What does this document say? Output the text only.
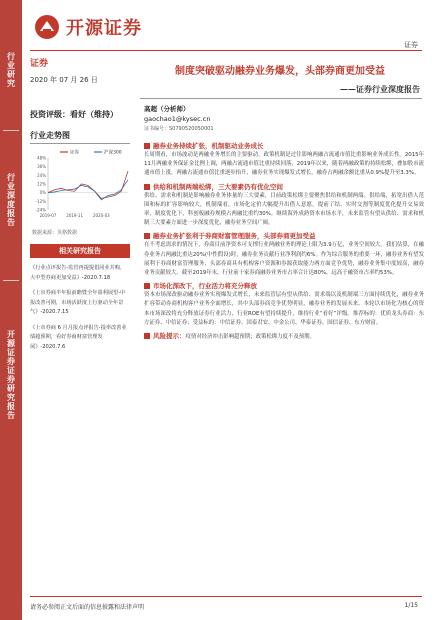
行业研究
行业深度报告
开源证券证券研究报告
开源证券
证券
证券
2020 年 07 月 26 日
投资评级：看好（维持）
行业走势图
48%
36%
24%
12%
0%
-12%
-24%
2019-07 2019-11 2020-03
证券	沪深300
数据来源：贝格数据
相关研究报告
《行业点评报告-监管再提提倡同业并购，大中型券商更加受益》-2020.7.18
《上市券商半年报前瞻暨全年盈利展望-中报改善可期，市场活跃度上行驱动全年景气》-2020.7.15
《上市券商 6 月月报点评报告-投率改善业绩超预期，看好券商财富管理发展》-2020.7.6
制度突破驱动融券业务爆发，头部券商更加受益
——证券行业深度报告
高超（分析师）
gaochao1@kysec.cn
证书编号：S0790520050001
融券业务持续扩张，机制驱动业务成长
长周期看，市场波动是两融业务增长的主要驱动，政策机制是过往影响两融占流通市值比重影响业务成长性。2015年11月两融业务保证金比例上调，两融占流通市值比重持续回落，2019年以来，随着两融政策的持续松绑，叠加股市流通市值上涨，两融占流通市值比重逐步抬升，融券业务实现爆发式增长，融券占两融余额比重从0.9%提升至3.3%。
供给和机制两端松绑，三大要素仍有优化空间
供给、需求和机制是影响融券业务体量的三大要素，目前政策松绑主要聚焦供给和机制两端。供给端，拓宽出借人范围和标的扩容影响较大，机制端看，市场化定价大幅提升出借人意愿，提前了结、实时交割等制度优化提升交易效率，制度优化下，科创板融券规模占两融比重约30%。继续海外成熟资本市场水平，未来监管有望从供给、需求和机制三大要素方面进一步深度优化，融券业务空间广阔。
融券业务扩张利于券商财富管理服务，头部券商更加受益
在不考虑需求的情况下，券商目前净资本可支撑行业两融业务的理论上限为3.9万亿，业务空间较大。我们估算，在融券业务占两融比重达20%(中性假设)时，融券业务贡献行业净利润约6%。作为综合服务的重要一环，融券业务有望发展利于券商财富管理服务，头部券商具有机构客户资源和券源获取能力两方面竞争优势，融券业务集中度较高，融券业务贡献较大。截至2019年末，行业前十家券商融券业务市占率合计达80%，远高于融资市占率约53%。
市场化深改下，行业活力将充分释放
资本市场深改驱动融券业务实现爆发式增长，未来监管层有望从供给、需求端以及机制端三方面持续优化，融券业务扩容带动券商机构客户业务全面增长，其中头部券商竞争优势明显，融券业务的发展未来，本轮以市场化为核心的资本市场深改将充分释放证券行业活力，行业ROE有望持续提升，维持行业“看好”评级。推荐标的：优质龙头券商：东方证券、中信证券；受益标的：中信证券、国泰君安、中金公司、华泰证券、国信证券、东方财富。
风险提示：疫情对经济冲击影响超预期；政策松绑力度不及预期。
请务必参阅正文后面的信息披露和法律声明	1/15
